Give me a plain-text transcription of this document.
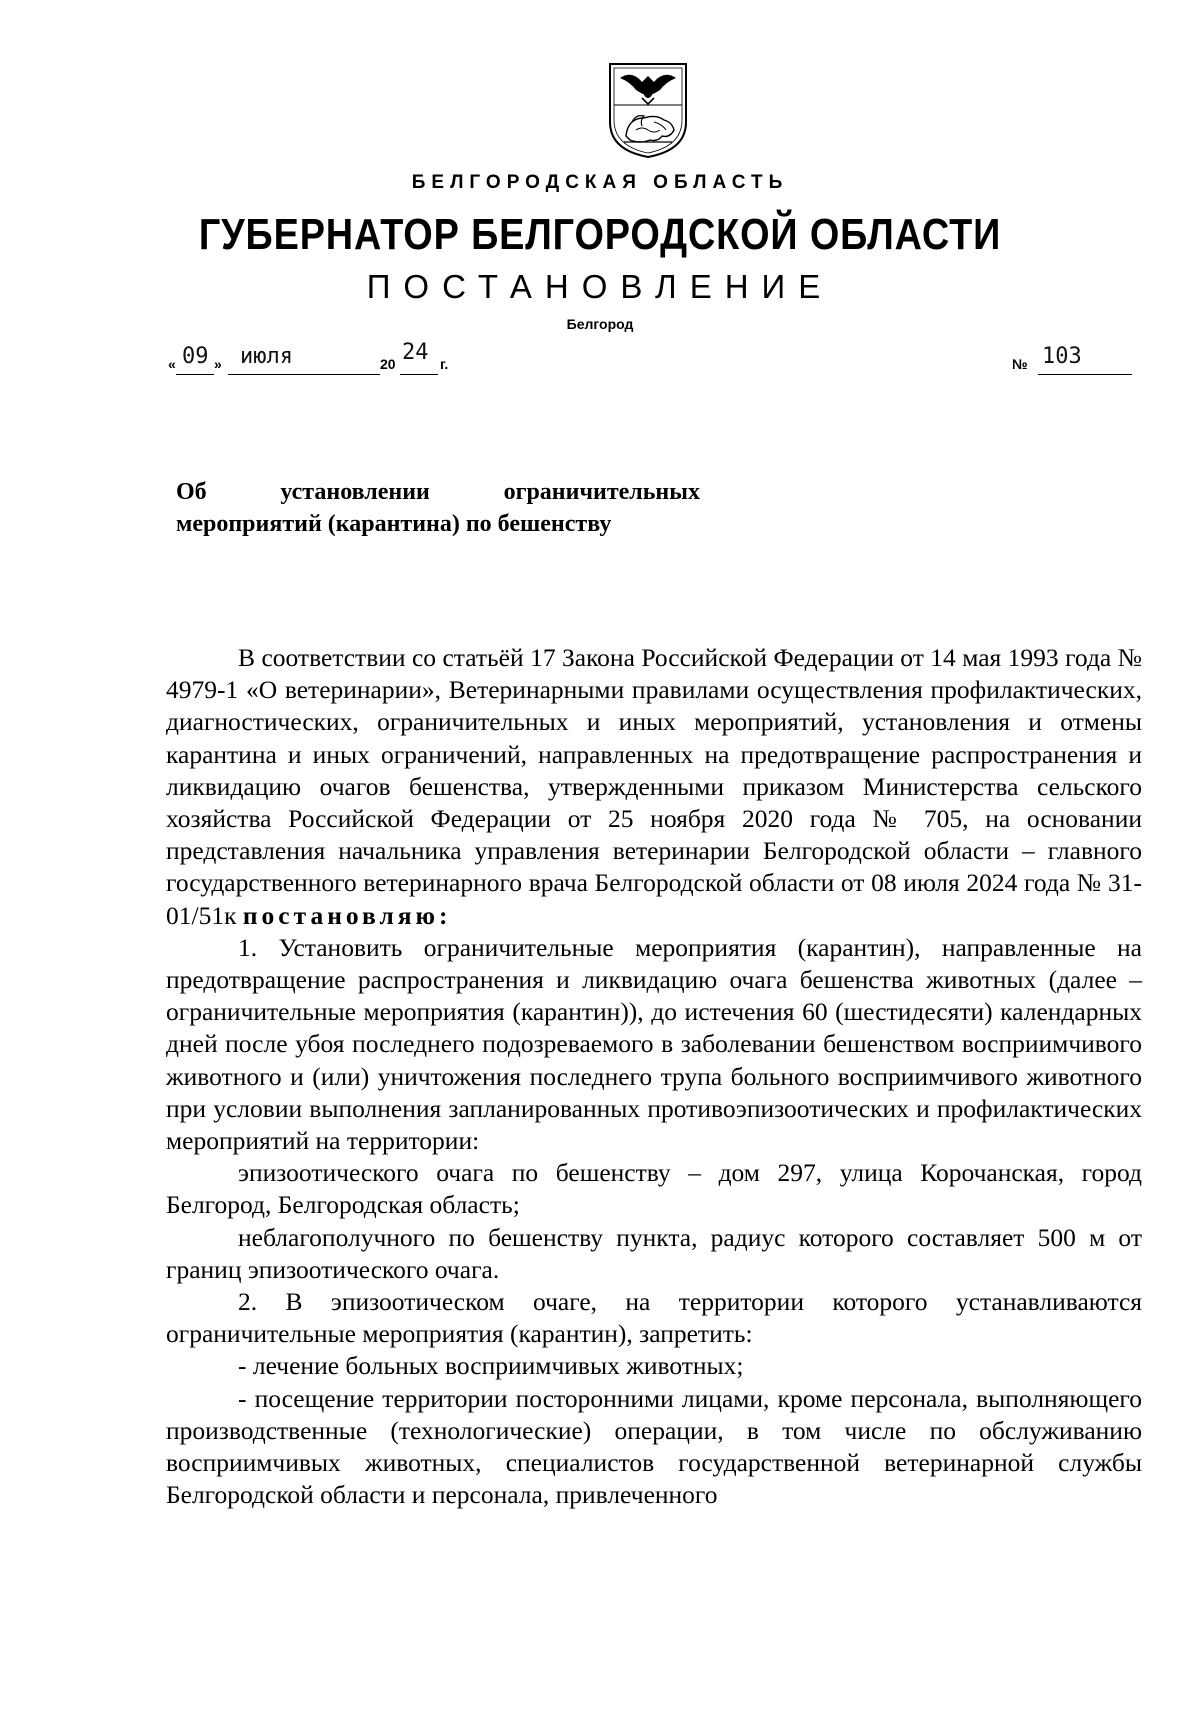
БЕЛГОРОДСКАЯ ОБЛАСТЬ
ГУБЕРНАТОР БЕЛГОРОДСКОЙ ОБЛАСТИ
ПОСТАНОВЛЕНИЕ
Белгород
« 09 » июля	20 24 г.	№ 103
Об установлении ограничительных
мероприятий (карантина) по бешенству

В соответствии со статьёй 17 Закона Российской Федерации от 14 мая 1993 года № 4979-1 «О ветеринарии», Ветеринарными правилами осуществления профилактических, диагностических, ограничительных и иных мероприятий, установления и отмены карантина и иных ограничений, направленных на предотвращение распространения и ликвидацию очагов бешенства, утвержденными приказом Министерства сельского хозяйства Российской Федерации от 25 ноября 2020 года № 705, на основании представления начальника управления ветеринарии Белгородской области – главного государственного ветеринарного врача Белгородской области от 08 июля 2024 года № 31-01/51к постановляю:

1. Установить ограничительные мероприятия (карантин), направленные на предотвращение распространения и ликвидацию очага бешенства животных (далее – ограничительные мероприятия (карантин)), до истечения 60 (шестидесяти) календарных дней после убоя последнего подозреваемого в заболевании бешенством восприимчивого животного и (или) уничтожения последнего трупа больного восприимчивого животного при условии выполнения запланированных противоэпизоотических и профилактических мероприятий на территории:

эпизоотического очага по бешенству – дом 297, улица Корочанская, город Белгород, Белгородская область;

неблагополучного по бешенству пункта, радиус которого составляет 500 м от границ эпизоотического очага.

2. В эпизоотическом очаге, на территории которого устанавливаются ограничительные мероприятия (карантин), запретить:

- лечение больных восприимчивых животных;

- посещение территории посторонними лицами, кроме персонала, выполняющего производственные (технологические) операции, в том числе по обслуживанию восприимчивых животных, специалистов государственной ветеринарной службы Белгородской области и персонала, привлеченного
